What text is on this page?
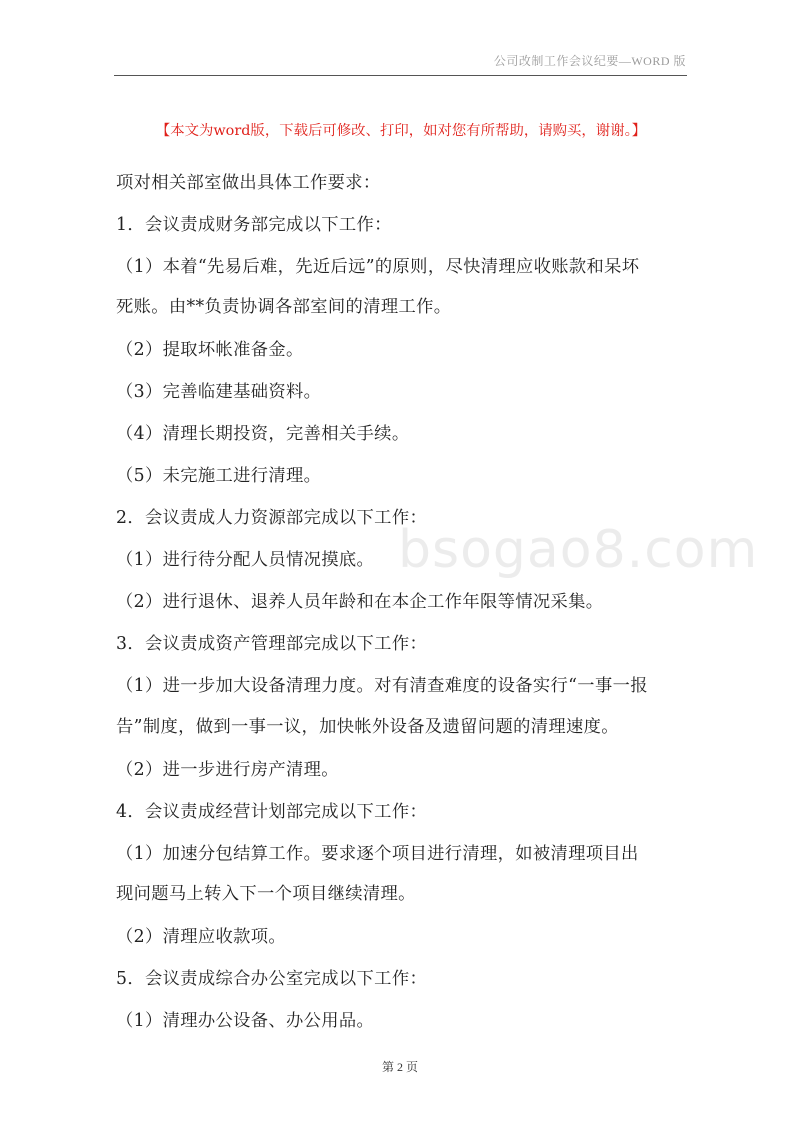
公司改制工作会议纪要—WORD 版
【本文为word版，下载后可修改、打印，如对您有所帮助，请购买，谢谢。】
bsogao8.com
项对相关部室做出具体工作要求：
1．会议责成财务部完成以下工作：
（1）本着“先易后难，先近后远”的原则，尽快清理应收账款和呆坏
死账。由**负责协调各部室间的清理工作。
（2）提取坏帐准备金。
（3）完善临建基础资料。
（4）清理长期投资，完善相关手续。
（5）未完施工进行清理。
2．会议责成人力资源部完成以下工作：
（1）进行待分配人员情况摸底。
（2）进行退休、退养人员年龄和在本企工作年限等情况采集。
3．会议责成资产管理部完成以下工作：
（1）进一步加大设备清理力度。对有清查难度的设备实行“一事一报
告”制度，做到一事一议，加快帐外设备及遗留问题的清理速度。
（2）进一步进行房产清理。
4．会议责成经营计划部完成以下工作：
（1）加速分包结算工作。要求逐个项目进行清理，如被清理项目出
现问题马上转入下一个项目继续清理。
（2）清理应收款项。
5．会议责成综合办公室完成以下工作：
（1）清理办公设备、办公用品。
第 2 页
